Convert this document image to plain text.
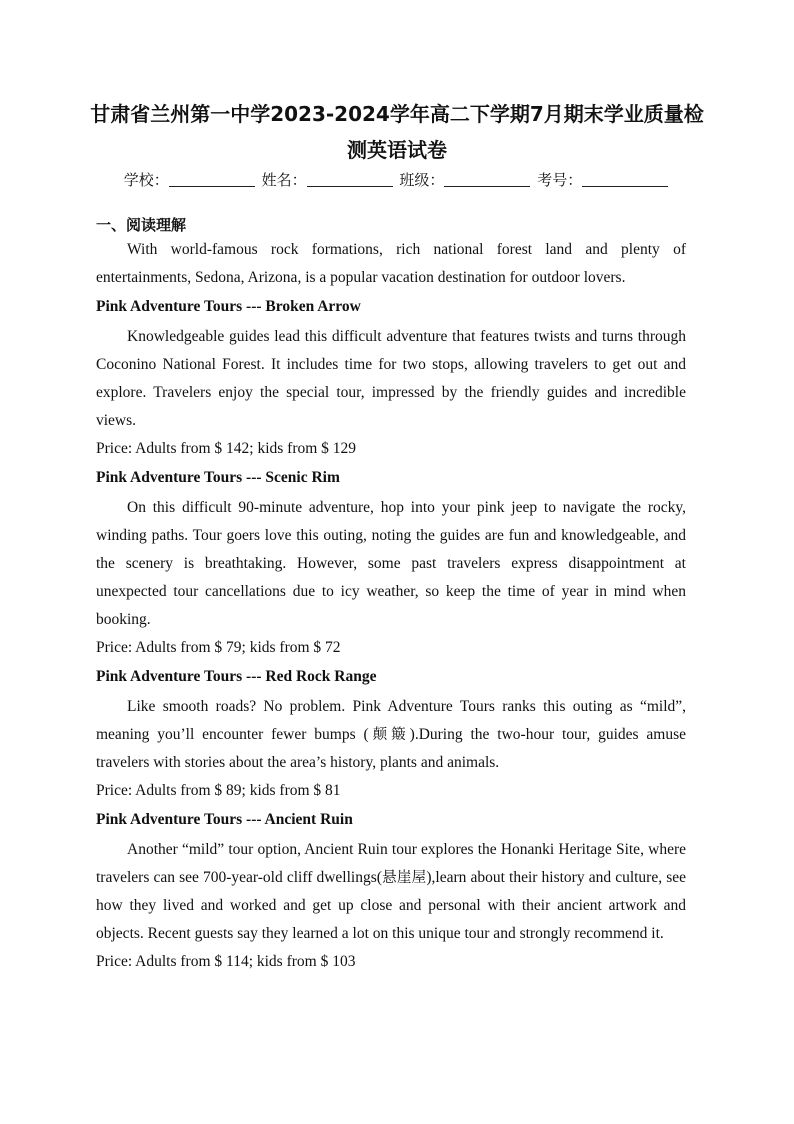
甘肃省兰州第一中学2023-2024学年高二下学期7月期末学业质量检
测英语试卷
学校：	姓名：	班级：	考号：
一、阅读理解

With world-famous rock formations, rich national forest land and plenty of entertainments, Sedona, Arizona, is a popular vacation destination for outdoor lovers.

Pink Adventure Tours --- Broken Arrow

Knowledgeable guides lead this difficult adventure that features twists and turns through Coconino National Forest. It includes time for two stops, allowing travelers to get out and explore. Travelers enjoy the special tour, impressed by the friendly guides and incredible views.

Price: Adults from $ 142; kids from $ 129

Pink Adventure Tours --- Scenic Rim

On this difficult 90-minute adventure, hop into your pink jeep to navigate the rocky, winding paths. Tour goers love this outing, noting the guides are fun and knowledgeable, and the scenery is breathtaking. However, some past travelers express disappointment at unexpected tour cancellations due to icy weather, so keep the time of year in mind when booking.

Price: Adults from $ 79; kids from $ 72

Pink Adventure Tours --- Red Rock Range

Like smooth roads? No problem. Pink Adventure Tours ranks this outing as “mild”, meaning you’ll encounter fewer bumps (颠簸).During the two-hour tour, guides amuse travelers with stories about the area’s history, plants and animals.

Price: Adults from $ 89; kids from $ 81

Pink Adventure Tours --- Ancient Ruin

Another “mild” tour option, Ancient Ruin tour explores the Honanki Heritage Site, where travelers can see 700-year-old cliff dwellings(悬崖屋),learn about their history and culture, see how they lived and worked and get up close and personal with their ancient artwork and objects. Recent guests say they learned a lot on this unique tour and strongly recommend it.

Price: Adults from $ 114; kids from $ 103
